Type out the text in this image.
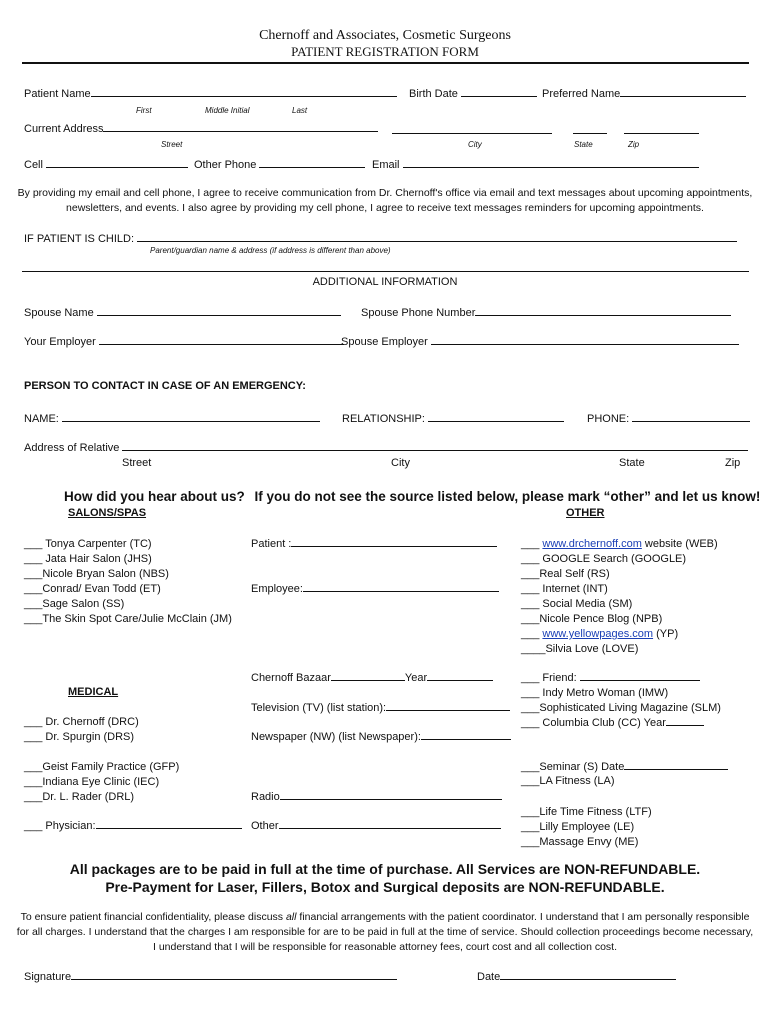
Chernoff and Associates, Cosmetic Surgeons
PATIENT REGISTRATION FORM
Patient Name	Birth Date	Preferred Name
First	Middle Initial	Last
Current Address
Street	City	State	Zip
Cell	Other Phone	Email
By providing my email and cell phone, I agree to receive communication from Dr. Chernoff's office via email and text messages about upcoming appointments,
newsletters, and events. I also agree by providing my cell phone, I agree to receive text messages reminders for upcoming appointments.
IF PATIENT IS CHILD:
Parent/guardian name & address (if address is different than above)
ADDITIONAL INFORMATION
Spouse Name	Spouse Phone Number
Your Employer	Spouse Employer
PERSON TO CONTACT IN CASE OF AN EMERGENCY:
NAME:	RELATIONSHIP:	PHONE:
Address of Relative
Street	City	State	Zip
How did you hear about us? If you do not see the source listed below, please mark “other” and let us know!
SALONS/SPAS	OTHER
___ Tonya Carpenter (TC)
___ Jata Hair Salon (JHS)
___Nicole Bryan Salon (NBS)
___Conrad/ Evan Todd (ET)
___Sage Salon (SS)
___The Skin Spot Care/Julie McClain (JM)
Patient :
Employee:
___ www.drchernoff.com website (WEB)
___ GOOGLE Search (GOOGLE)
___Real Self (RS)
___ Internet (INT)
___ Social Media (SM)
___Nicole Pence Blog (NPB)
___ www.yellowpages.com (YP)
____Silvia Love (LOVE)
MEDICAL
Chernoff Bazaar	Year
Television (TV) (list station):
Newspaper (NW) (list Newspaper):
Radio
Other
___ Friend:
___ Indy Metro Woman (IMW)
___Sophisticated Living Magazine (SLM)
___ Columbia Club (CC) Year
___ Dr. Chernoff (DRC)
___ Dr. Spurgin (DRS)
___Geist Family Practice (GFP)
___Indiana Eye Clinic (IEC)
___Dr. L. Rader (DRL)
___ Physician:
___Seminar (S) Date
___LA Fitness (LA)
___Life Time Fitness (LTF)
___Lilly Employee (LE)
___Massage Envy (ME)
All packages are to be paid in full at the time of purchase. All Services are NON-REFUNDABLE.
Pre-Payment for Laser, Fillers, Botox and Surgical deposits are NON-REFUNDABLE.
To ensure patient financial confidentiality, please discuss all financial arrangements with the patient coordinator. I understand that I am personally responsible
for all charges. I understand that the charges I am responsible for are to be paid in full at the time of service. Should collection proceedings become necessary,
I understand that I will be responsible for reasonable attorney fees, court cost and all collection cost.
Signature	Date
